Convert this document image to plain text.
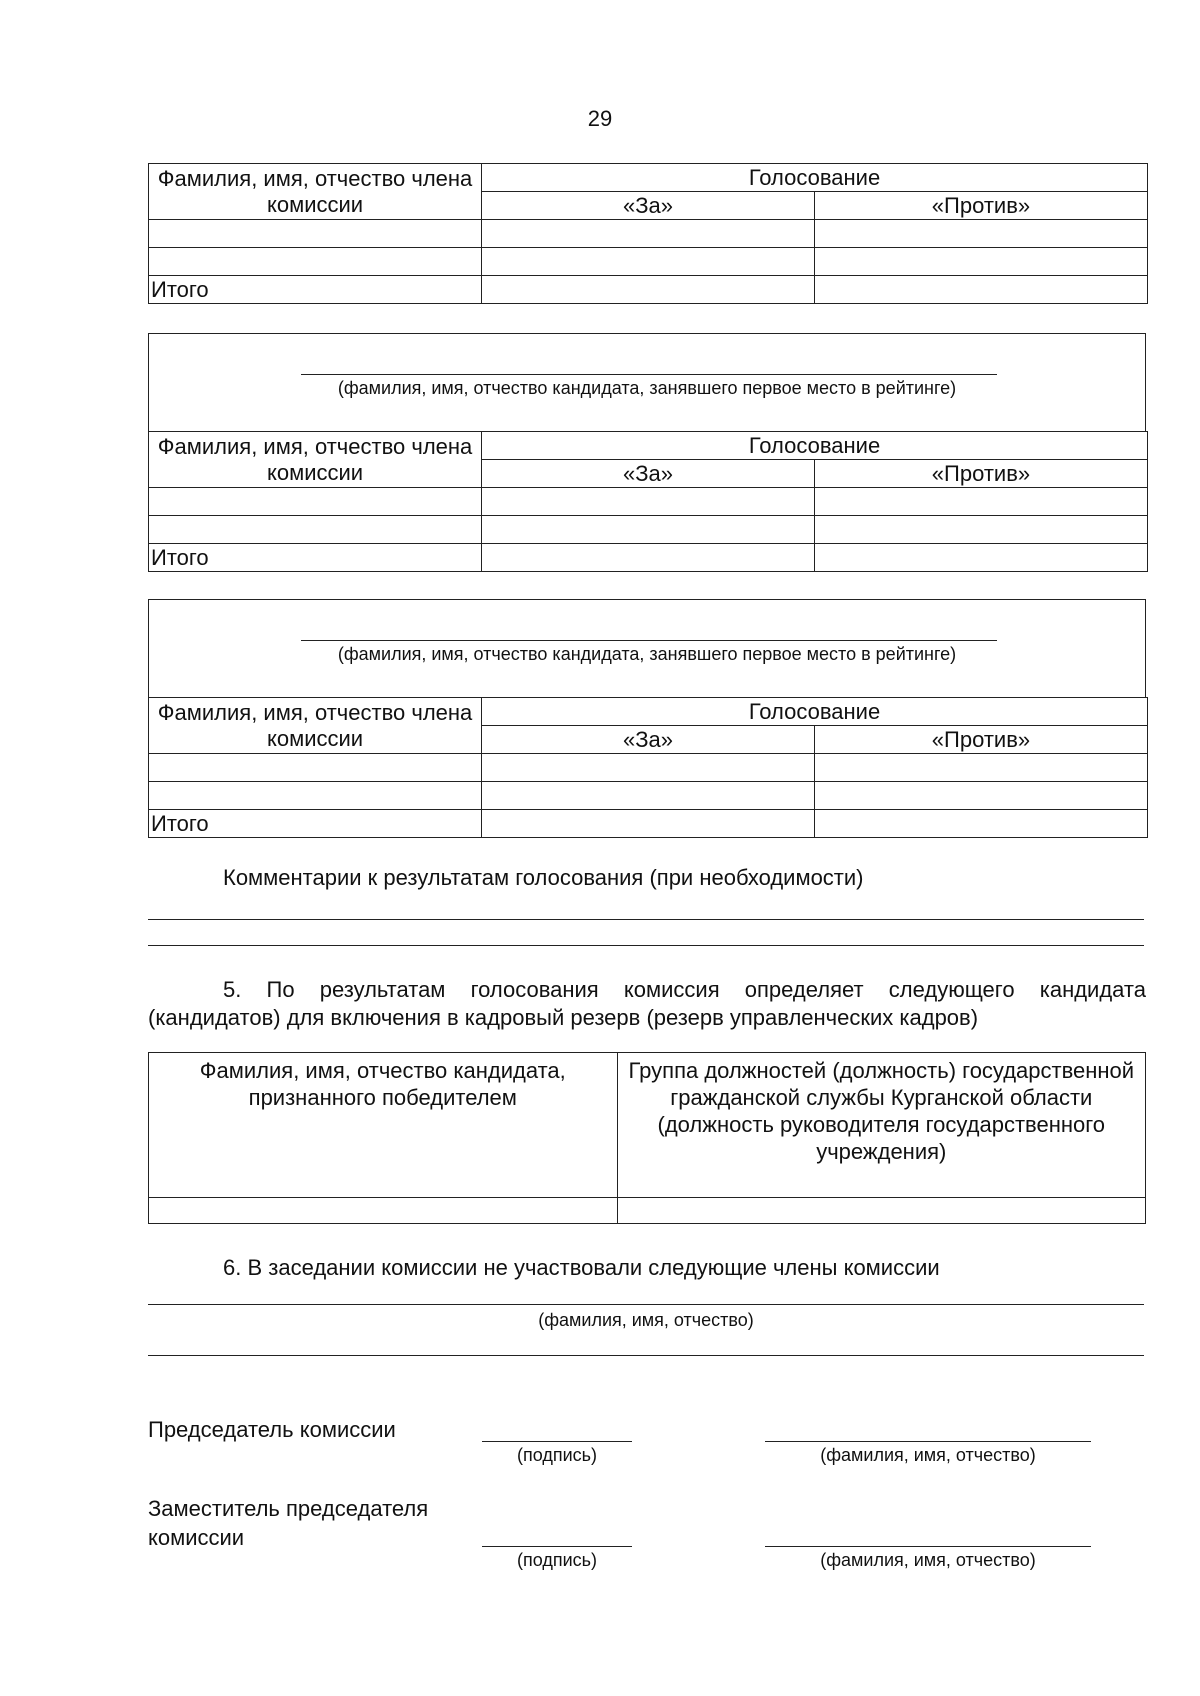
29
Фамилия, имя, отчество члена комиссии	Голосование	
	«За»	«Против»

Итого		
(фамилия, имя, отчество кандидата, занявшего первое место в рейтинге)
Фамилия, имя, отчество члена комиссии	Голосование	
	«За»	«Против»

Итого		
(фамилия, имя, отчество кандидата, занявшего первое место в рейтинге)
Фамилия, имя, отчество члена комиссии	Голосование	
	«За»	«Против»

Итого		
Комментарии к результатам голосования (при необходимости)
5. По результатам голосования комиссия определяет следующего кандидата (кандидатов) для включения в кадровый резерв (резерв управленческих кадров)
Фамилия, имя, отчество кандидата, признанного победителем	Группа должностей (должность) государственной гражданской службы Курганской области (должность руководителя государственного учреждения)

6. В заседании комиссии не участвовали следующие члены комиссии
(фамилия, имя, отчество)
Председатель комиссии
(подпись)	(фамилия, имя, отчество)
Заместитель председателя комиссии
(подпись)	(фамилия, имя, отчество)
